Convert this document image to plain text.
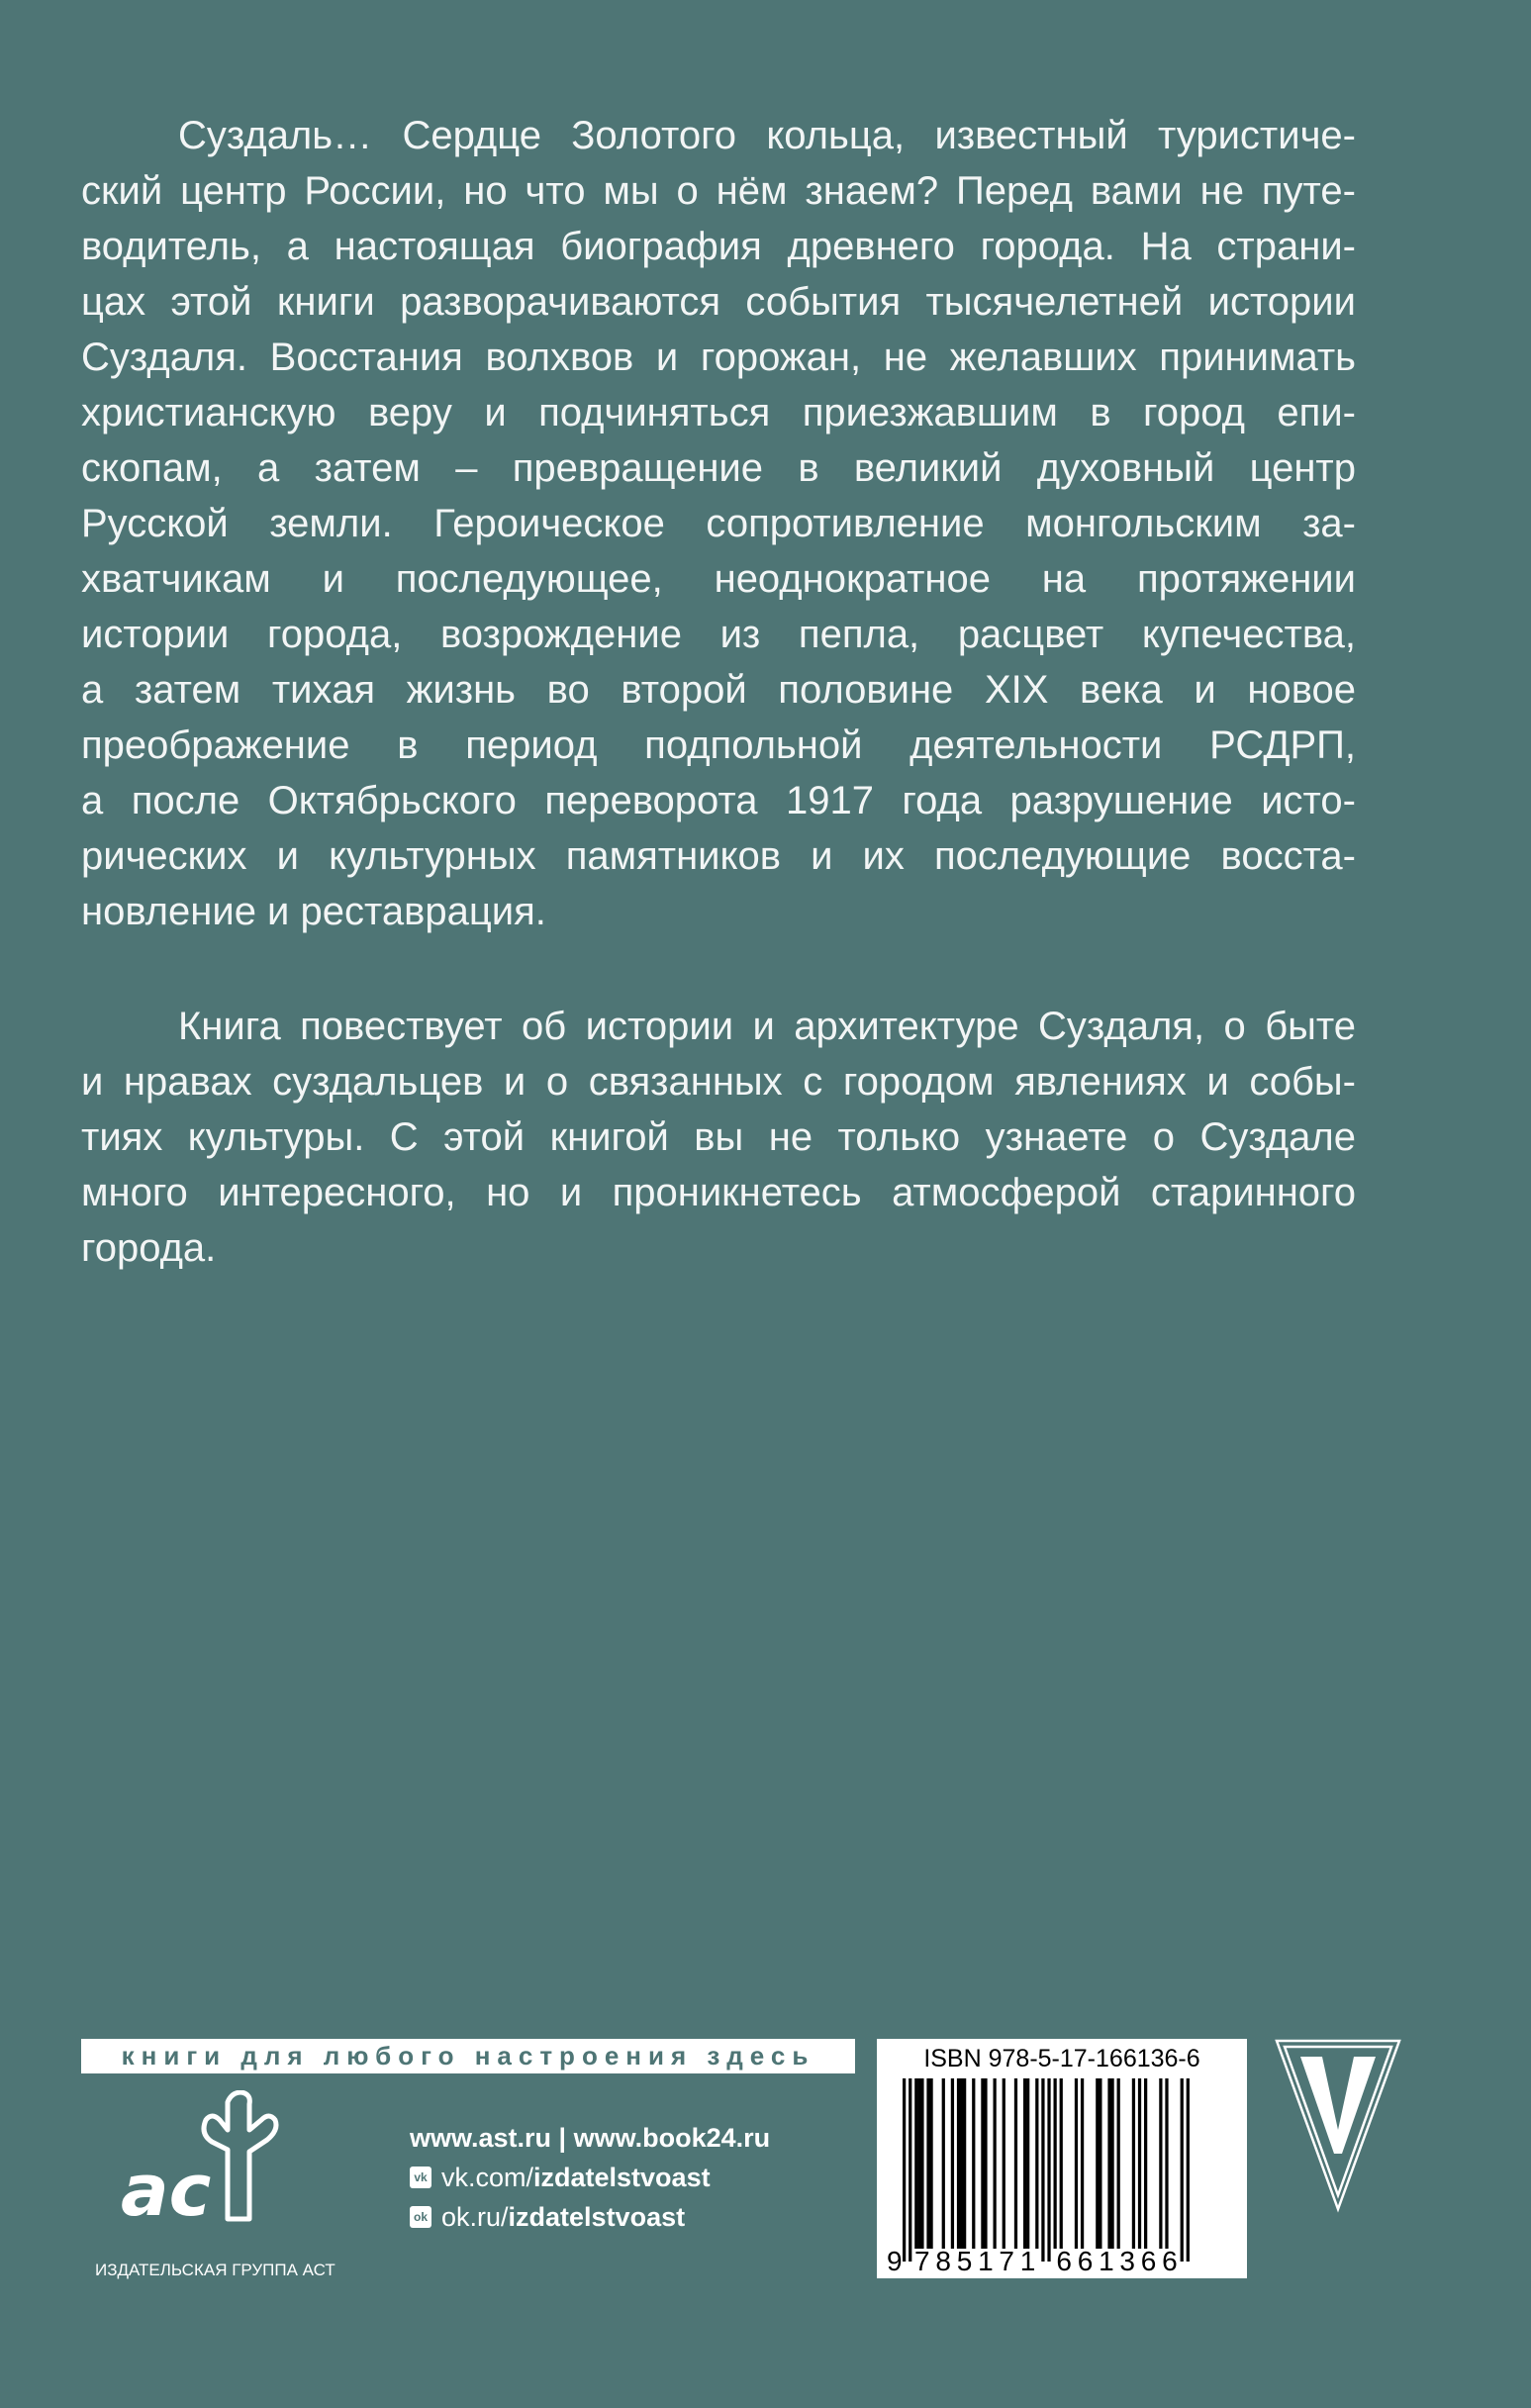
Суздаль… Сердце Золотого кольца, известный туристиче-
ский центр России, но что мы о нём знаем? Перед вами не путе-
водитель, а настоящая биография древнего города. На страни-
цах этой книги разворачиваются события тысячелетней истории
Суздаля. Восстания волхвов и горожан, не желавших принимать
христианскую веру и подчиняться приезжавшим в город епи-
скопам, а затем – превращение в великий духовный центр
Русской земли. Героическое сопротивление монгольским за-
хватчикам и последующее, неоднократное на протяжении
истории города, возрождение из пепла, расцвет купечества,
а затем тихая жизнь во второй половине XIX века и новое
преображение в период подпольной деятельности РСДРП,
а после Октябрьского переворота 1917 года разрушение исто-
рических и культурных памятников и их последующие восста-
новление и реставрация.
Книга повествует об истории и архитектуре Суздаля, о быте
и нравах суздальцев и о связанных с городом явлениях и собы-
тиях культуры. С этой книгой вы не только узнаете о Суздале
много интересного, но и проникнетесь атмосферой старинного
города.
книги для любого настроения здесь
ac
ИЗДАТЕЛЬСКАЯ ГРУППА АСТ
www.ast.ru | www.book24.ru
vk vk.com/ izdatelstvoast
ok ok.ru/ izdatelstvoast
ISBN 978-5-17-166136-6
9 7 8 5 1 7 1 6 6 1 3 6 6
